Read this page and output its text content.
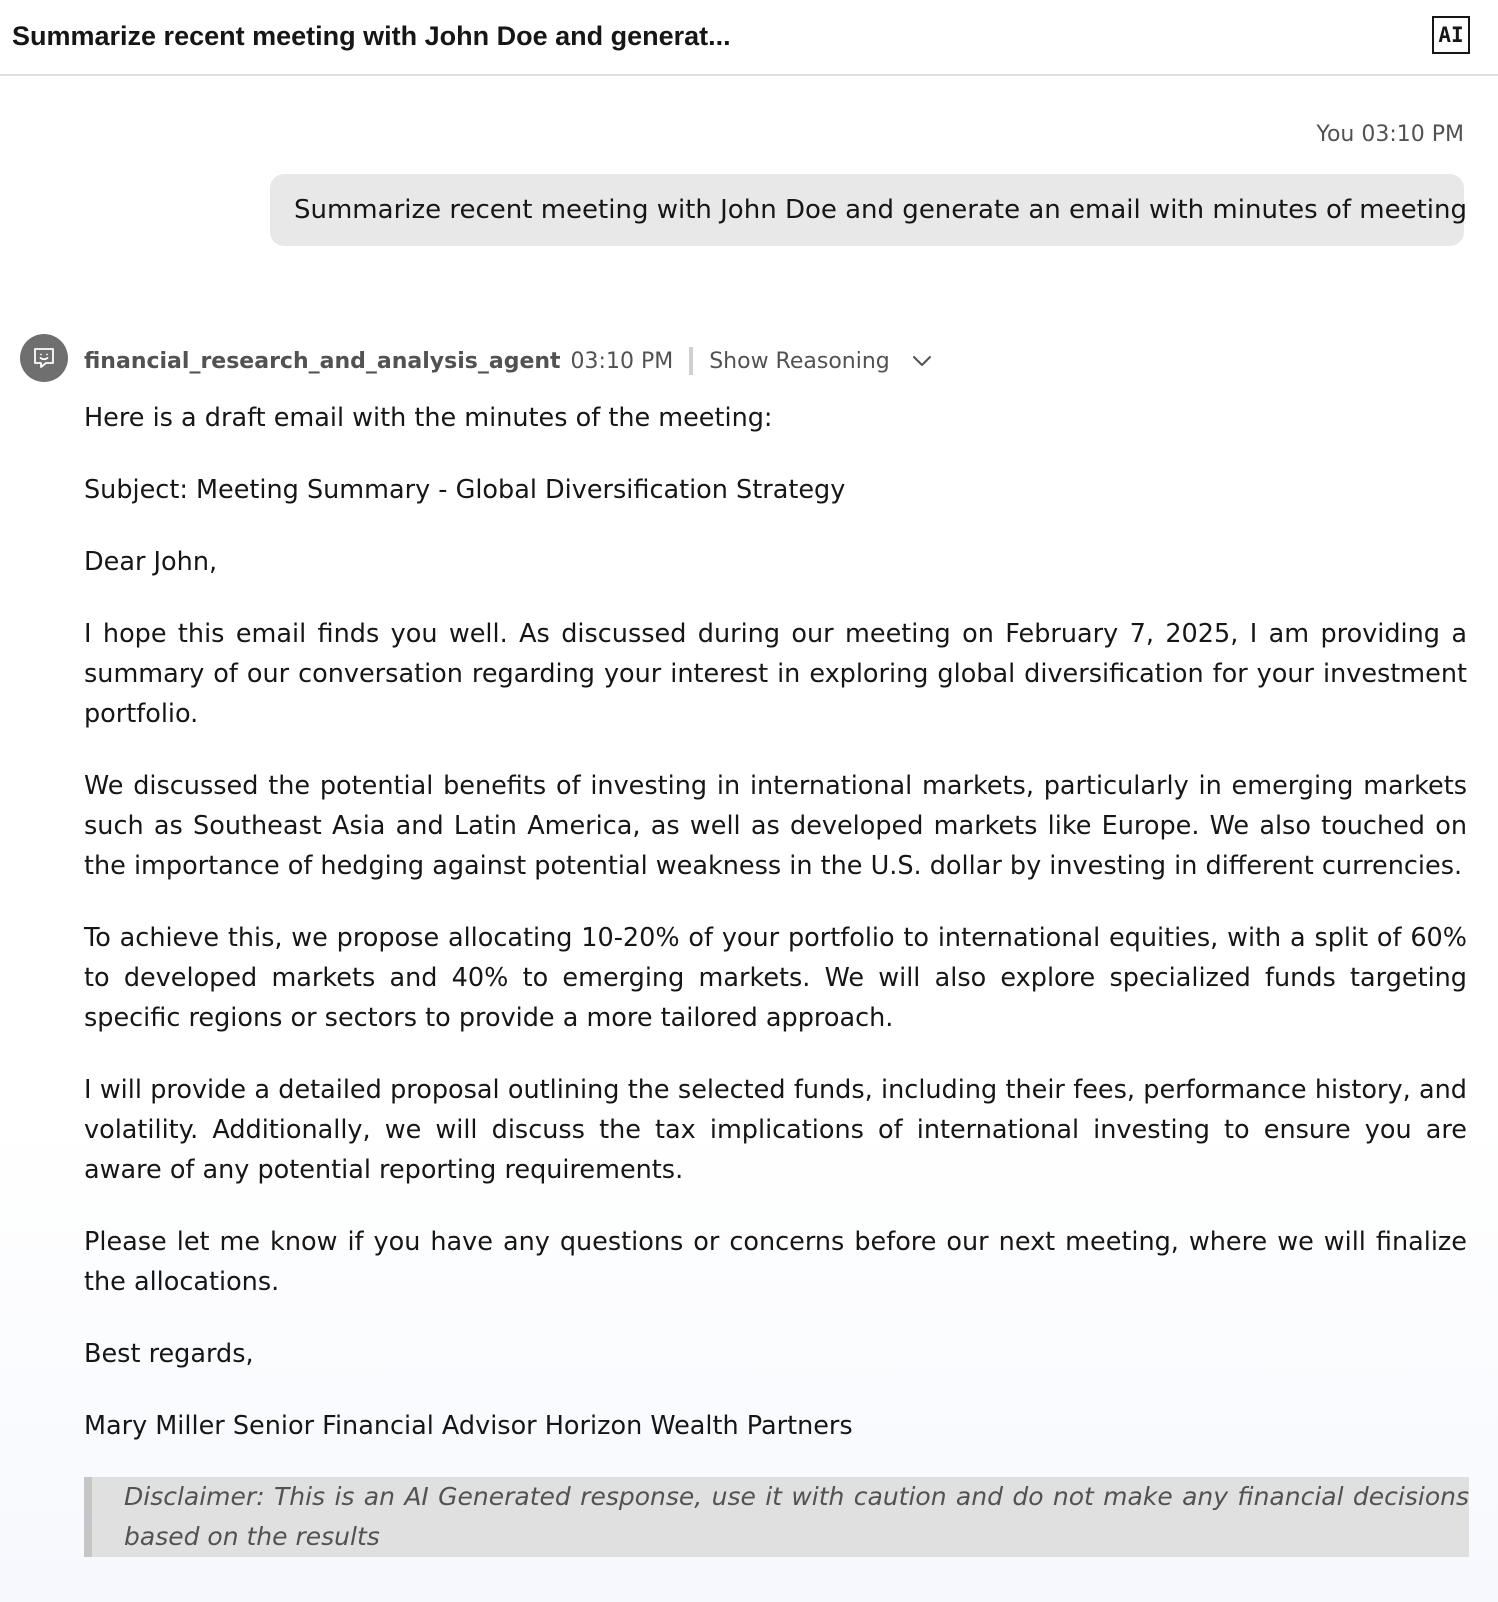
Summarize recent meeting with John Doe and generat...	AI
You 03:10 PM
Summarize recent meeting with John Doe and generate an email with minutes of meeting
financial_research_and_analysis_agent 03:10 PM Show Reasoning

Here is a draft email with the minutes of the meeting:

Subject: Meeting Summary - Global Diversification Strategy

Dear John,

I hope this email finds you well. As discussed during our meeting on February 7, 2025, I am providing a summary of our conversation regarding your interest in exploring global diversification for your investment portfolio.

We discussed the potential benefits of investing in international markets, particularly in emerging markets such as Southeast Asia and Latin America, as well as developed markets like Europe. We also touched on the importance of hedging against potential weakness in the U.S. dollar by investing in different currencies.

To achieve this, we propose allocating 10-20% of your portfolio to international equities, with a split of 60% to developed markets and 40% to emerging markets. We will also explore specialized funds targeting specific regions or sectors to provide a more tailored approach.

I will provide a detailed proposal outlining the selected funds, including their fees, performance history, and volatility. Additionally, we will discuss the tax implications of international investing to ensure you are aware of any potential reporting requirements.

Please let me know if you have any questions or concerns before our next meeting, where we will finalize the allocations.

Best regards,

Mary Miller Senior Financial Advisor Horizon Wealth Partners

Disclaimer: This is an AI Generated response, use it with caution and do not make any financial decisions based on the results
